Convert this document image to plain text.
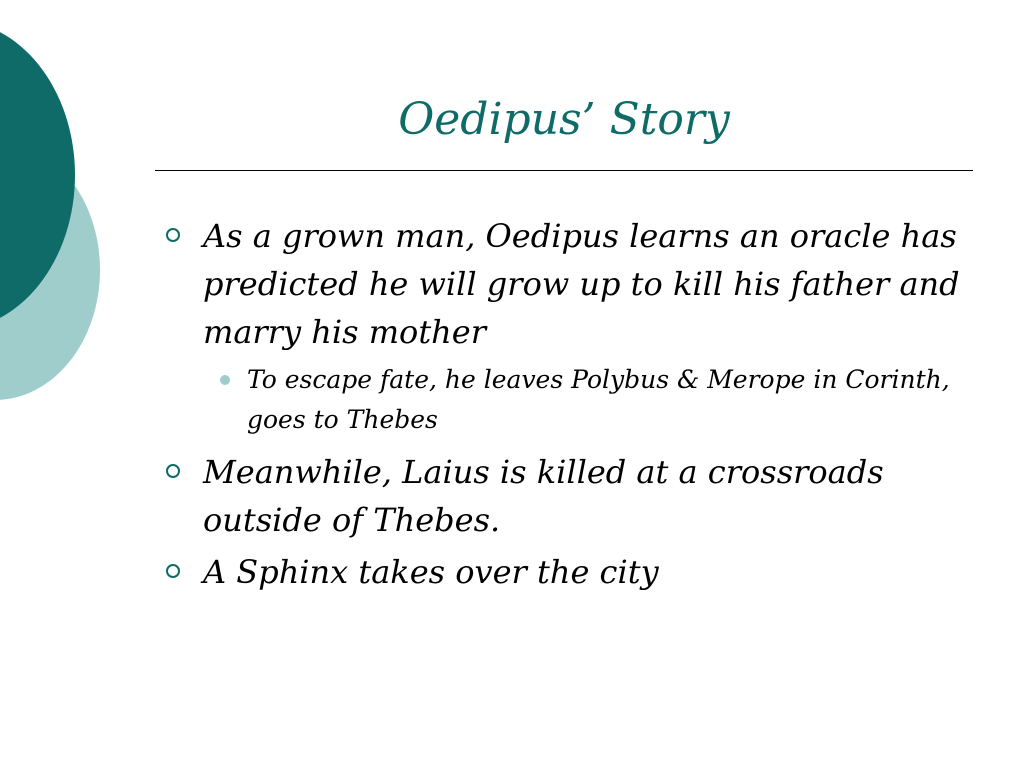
Oedipus’ Story
As a grown man, Oedipus learns an oracle has predicted he will grow up to kill his father and marry his mother
To escape fate, he leaves Polybus & Merope in Corinth, goes to Thebes
Meanwhile, Laius is killed at a crossroads outside of Thebes.
A Sphinx takes over the city
